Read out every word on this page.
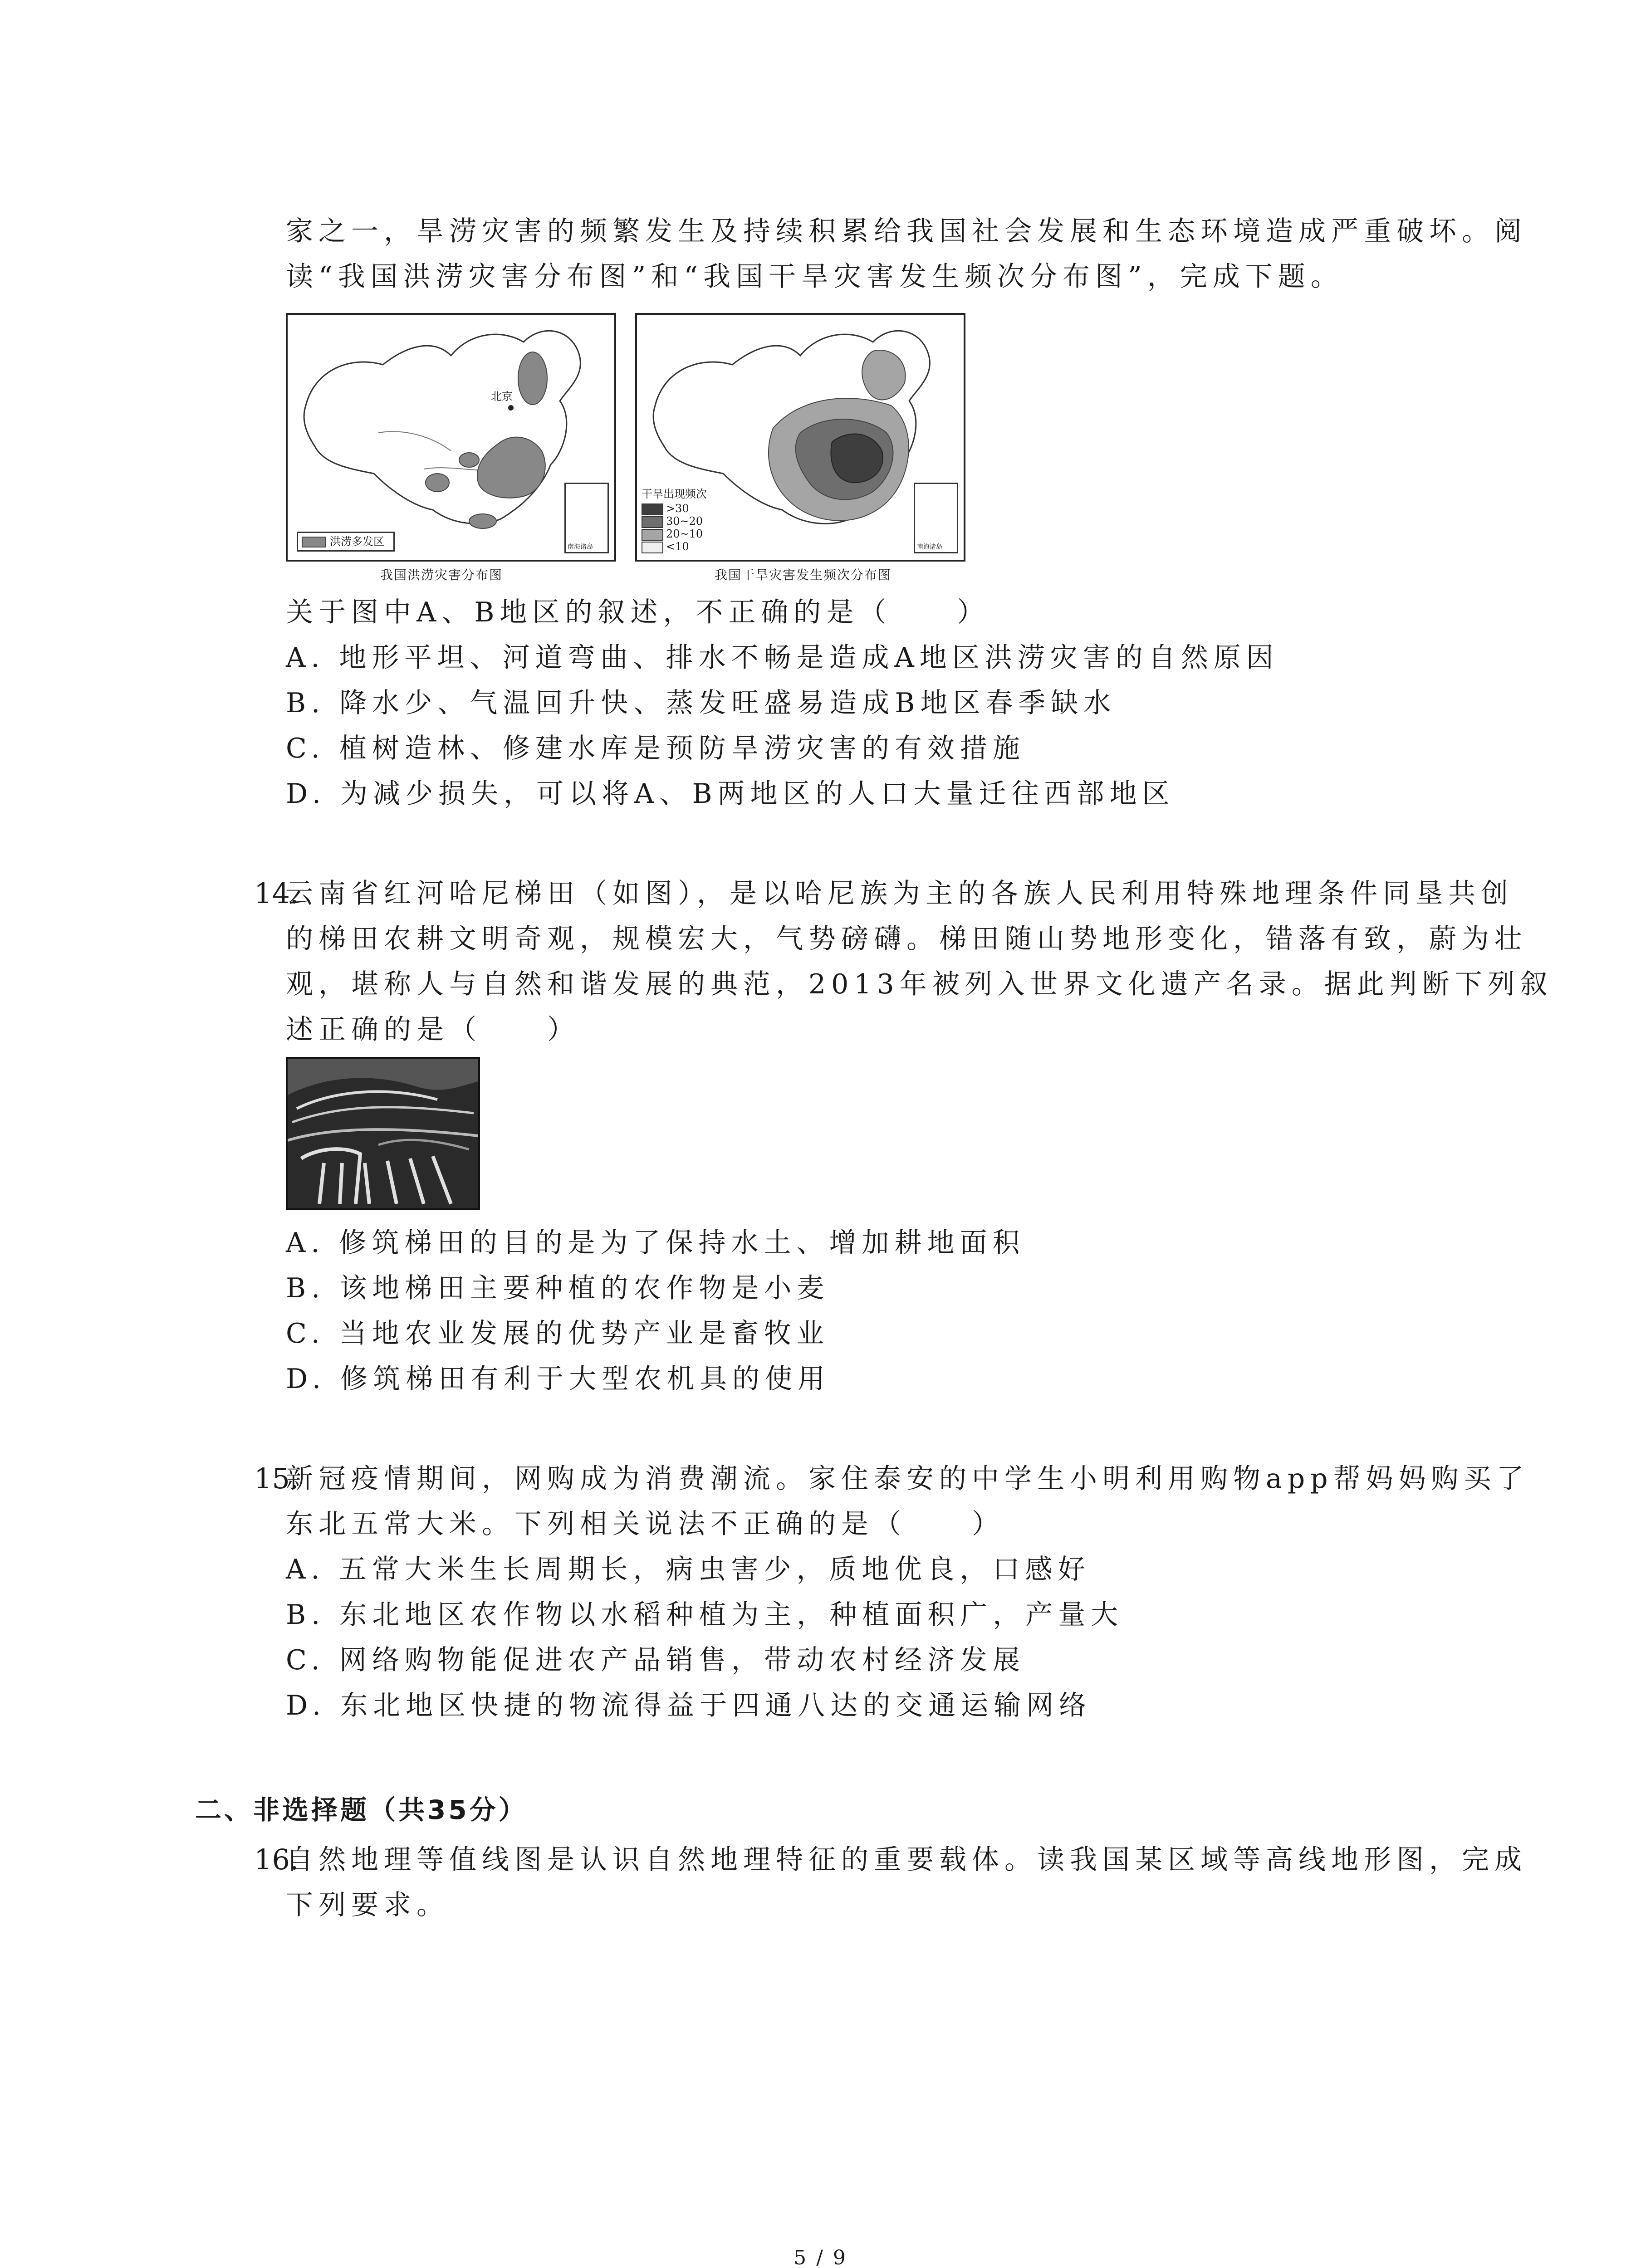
家之一，旱涝灾害的频繁发生及持续积累给我国社会发展和生态环境造成严重破坏。阅
读“我国洪涝灾害分布图”和“我国干旱灾害发生频次分布图”，完成下题。
北京
洪涝多发区	南海诸岛
我国洪涝灾害分布图
干旱出现频次
>30
30~20
20~10
<10	南海诸岛
我国干旱灾害发生频次分布图
关于图中A、B地区的叙述，不正确的是（　　）
A. 地形平坦、河道弯曲、排水不畅是造成A地区洪涝灾害的自然原因
B. 降水少、气温回升快、蒸发旺盛易造成B地区春季缺水
C. 植树造林、修建水库是预防旱涝灾害的有效措施
D. 为减少损失，可以将A、B两地区的人口大量迁往西部地区
14.
云南省红河哈尼梯田（如图），是以哈尼族为主的各族人民利用特殊地理条件同垦共创
的梯田农耕文明奇观，规模宏大，气势磅礴。梯田随山势地形变化，错落有致，蔚为壮
观，堪称人与自然和谐发展的典范，2013年被列入世界文化遗产名录。据此判断下列叙
述正确的是（　　）
A. 修筑梯田的目的是为了保持水土、增加耕地面积
B. 该地梯田主要种植的农作物是小麦
C. 当地农业发展的优势产业是畜牧业
D. 修筑梯田有利于大型农机具的使用
15.
新冠疫情期间，网购成为消费潮流。家住泰安的中学生小明利用购物app帮妈妈购买了
东北五常大米。下列相关说法不正确的是（　　）
A. 五常大米生长周期长，病虫害少，质地优良，口感好
B. 东北地区农作物以水稻种植为主，种植面积广，产量大
C. 网络购物能促进农产品销售，带动农村经济发展
D. 东北地区快捷的物流得益于四通八达的交通运输网络
二、非选择题（共35分）
16.
自然地理等值线图是认识自然地理特征的重要载体。读我国某区域等高线地形图，完成
下列要求。
5 / 9
